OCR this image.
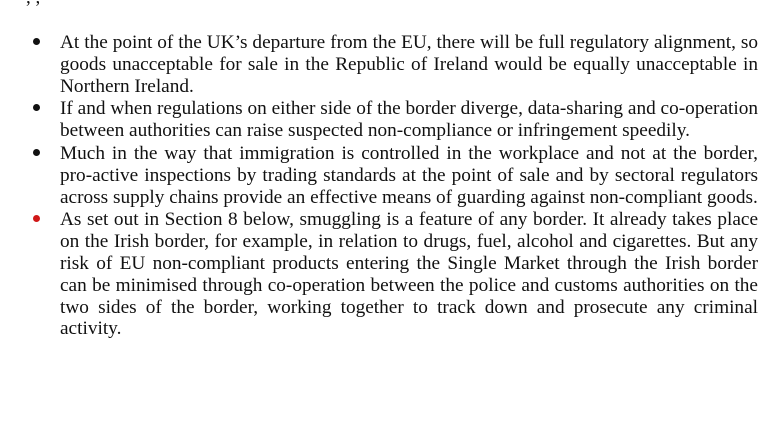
At the point of the UK’s departure from the EU, there will be full regulatory alignment, so goods unacceptable for sale in the Republic of Ireland would be equally unacceptable in Northern Ireland.
If and when regulations on either side of the border diverge, data-sharing and co-operation between authorities can raise suspected non-compliance or infringement speedily.
Much in the way that immigration is controlled in the workplace and not at the border, pro-active inspections by trading standards at the point of sale and by sectoral regulators across supply chains provide an effective means of guarding against non-compliant goods.
As set out in Section 8 below, smuggling is a feature of any border. It already takes place on the Irish border, for example, in relation to drugs, fuel, alcohol and cigarettes. But any risk of EU non-compliant products entering the Single Market through the Irish border can be minimised through co-operation between the police and customs authorities on the two sides of the border, working together to track down and prosecute any criminal activity.
